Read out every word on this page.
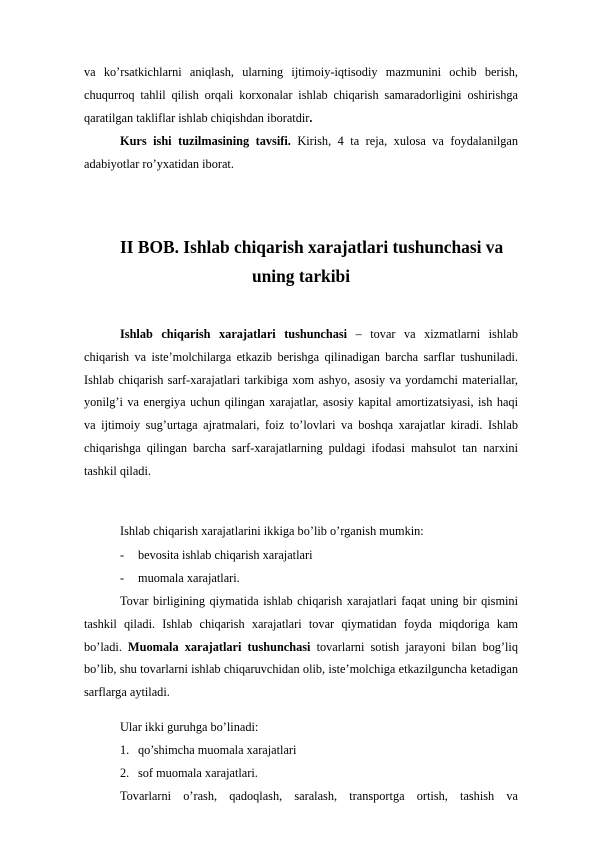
va ko’rsatkichlarni aniqlash, ularning ijtimoiy-iqtisodiy mazmunini ochib berish, chuqurroq tahlil qilish orqali korxonalar ishlab chiqarish samaradorligini oshirishga qaratilgan takliflar ishlab chiqishdan iboratdir.

Kurs ishi tuzilmasining tavsifi. Kirish, 4 ta reja, xulosa va foydalanilgan adabiyotlar ro’yxatidan iborat.

II BOB. Ishlab chiqarish xarajatlari tushunchasi va
uning tarkibi

Ishlab chiqarish xarajatlari tushunchasi – tovar va xizmatlarni ishlab chiqarish va iste’molchilarga etkazib berishga qilinadigan barcha sarflar tushuniladi. Ishlab chiqarish sarf-xarajatlari tarkibiga xom ashyo, asosiy va yordamchi materiallar, yonilg’i va energiya uchun qilingan xarajatlar, asosiy kapital amortizatsiyasi, ish haqi va ijtimoiy sug’urtaga ajratmalari, foiz to’lovlari va boshqa xarajatlar kiradi. Ishlab chiqarishga qilingan barcha sarf-xarajatlarning puldagi ifodasi mahsulot tan narxini tashkil qiladi.

Ishlab chiqarish xarajatlarini ikkiga bo’lib o’rganish mumkin:
- bevosita ishlab chiqarish xarajatlari
- muomala xarajatlari.

Tovar birligining qiymatida ishlab chiqarish xarajatlari faqat uning bir qismini tashkil qiladi. Ishlab chiqarish xarajatlari tovar qiymatidan foyda miqdoriga kam bo’ladi. Muomala xarajatlari tushunchasi tovarlarni sotish jarayoni bilan bog’liq bo’lib, shu tovarlarni ishlab chiqaruvchidan olib, iste’molchiga etkazilguncha ketadigan sarflarga aytiladi.

Ular ikki guruhga bo’linadi:
1. qo’shimcha muomala xarajatlari
2. sof muomala xarajatlari.

Tovarlarni o’rash, qadoqlash, saralash, transportga ortish, tashish va
